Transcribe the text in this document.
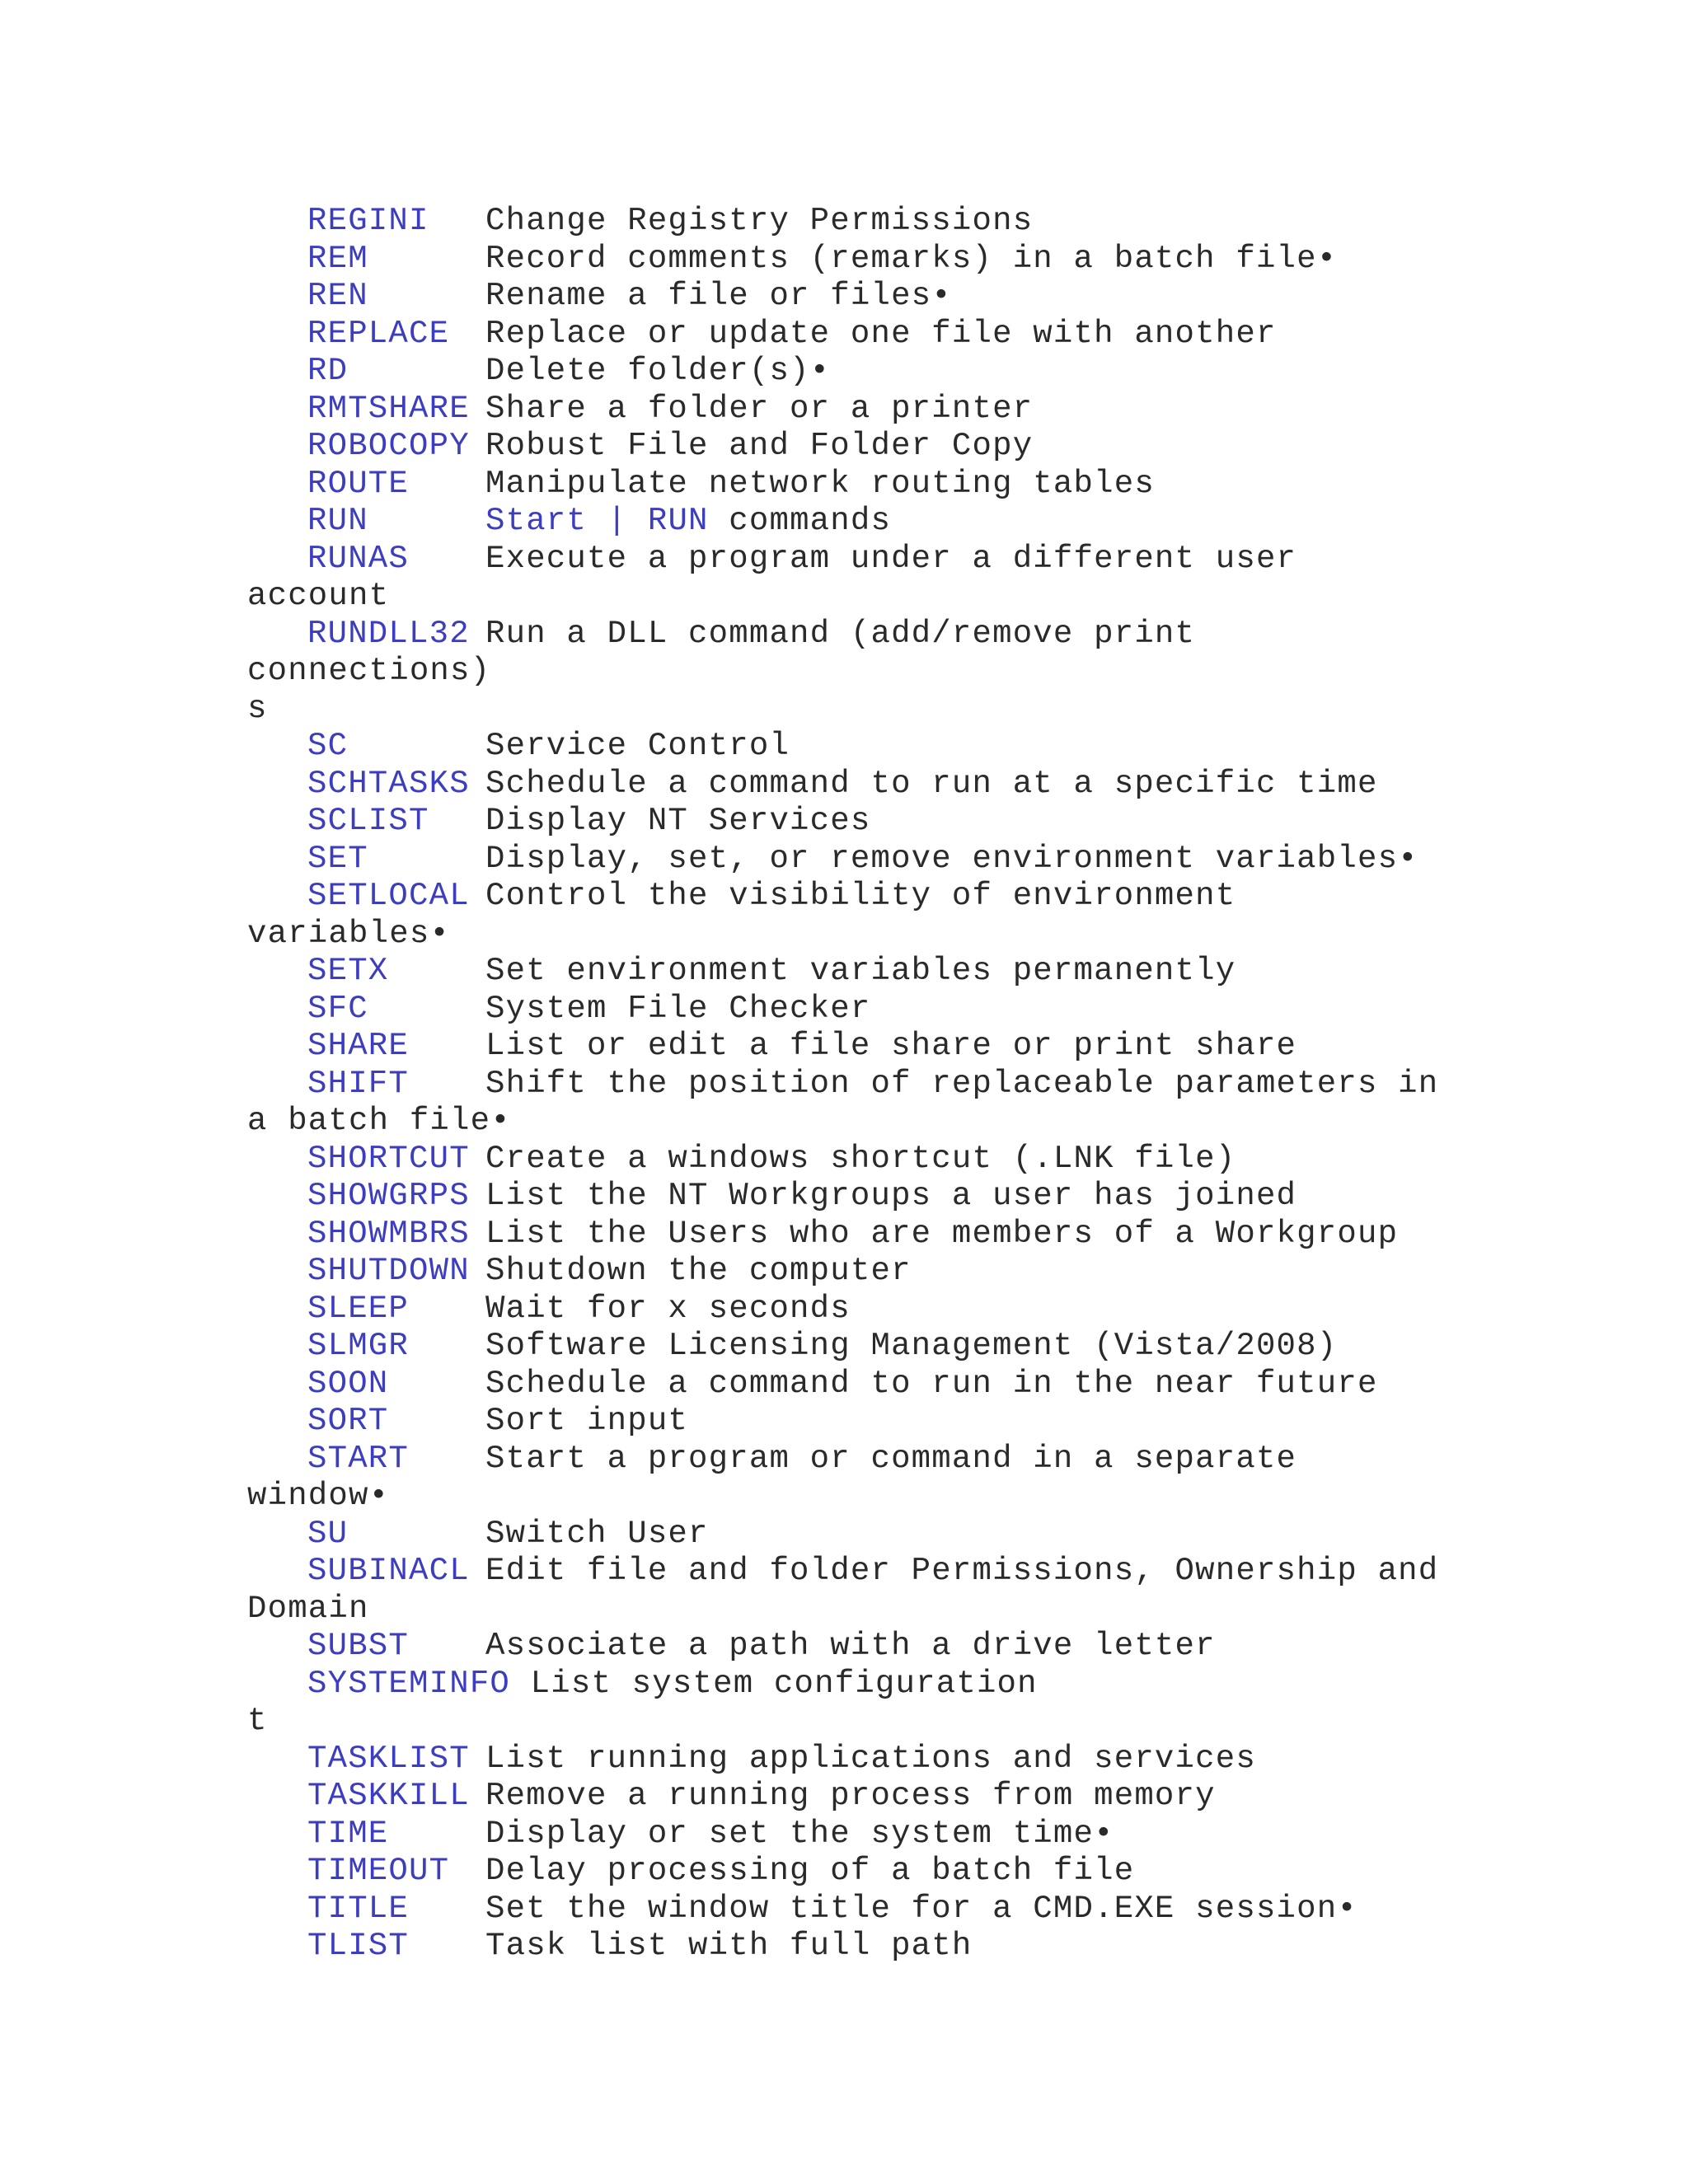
REGINI Change Registry Permissions
REM	Record comments (remarks) in a batch file•
REN	Rename a file or files•
REPLACE Replace or update one file with another
RD	Delete folder(s)•
RMTSHARE Share a folder or a printer
ROBOCOPY Robust File and Folder Copy
ROUTE Manipulate network routing tables
RUN	Start | RUN commands
RUNAS Execute a program under a different user
account
RUNDLL32 Run a DLL command (add/remove print
connections)
s
SC	Service Control
SCHTASKS Schedule a command to run at a specific time
SCLIST Display NT Services
SET	Display, set, or remove environment variables•
SETLOCAL Control the visibility of environment
variables•
SETX	Set environment variables permanently
SFC	System File Checker
SHARE List or edit a file share or print share
SHIFT Shift the position of replaceable parameters in
a batch file•
SHORTCUT Create a windows shortcut (.LNK file)
SHOWGRPS List the NT Workgroups a user has joined
SHOWMBRS List the Users who are members of a Workgroup
SHUTDOWN Shutdown the computer
SLEEP Wait for x seconds
SLMGR Software Licensing Management (Vista/2008)
SOON	Schedule a command to run in the near future
SORT	Sort input
START Start a program or command in a separate
window•
SU	Switch User
SUBINACL Edit file and folder Permissions, Ownership and
Domain
SUBST Associate a path with a drive letter
SYSTEMINFO List system configuration
t
TASKLIST List running applications and services
TASKKILL Remove a running process from memory
TIME	Display or set the system time•
TIMEOUT Delay processing of a batch file
TITLE Set the window title for a CMD.EXE session•
TLIST Task list with full path
